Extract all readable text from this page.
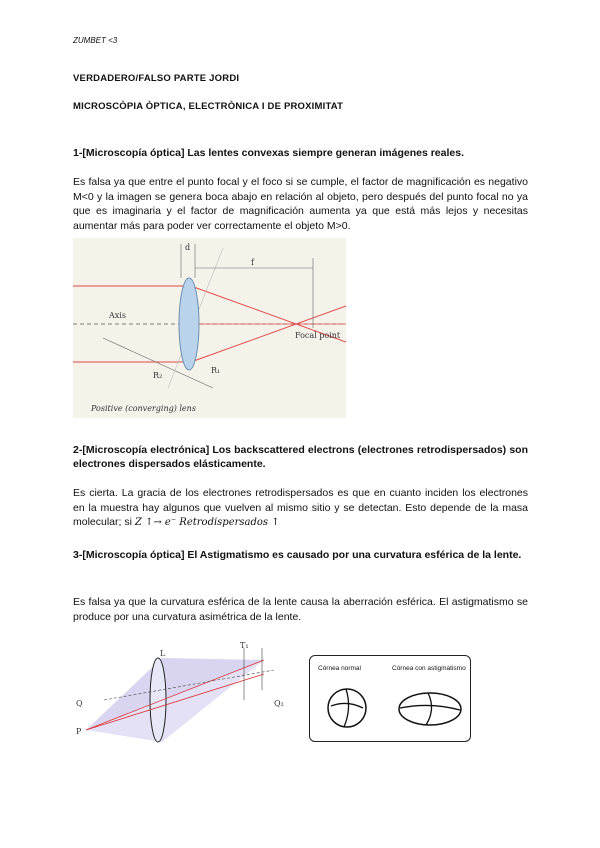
ZUMBET <3
VERDADERO/FALSO PARTE JORDI
MICROSCÒPIA ÒPTICA, ELECTRÒNICA I DE PROXIMITAT
1-[Microscopía óptica] Las lentes convexas siempre generan imágenes reales.
Es falsa ya que entre el punto focal y el foco si se cumple, el factor de magnificación es negativo M<0 y la imagen se genera boca abajo en relación al objeto, pero después del punto focal no ya que es imaginaria y el factor de magnificación aumenta ya que está más lejos y necesitas aumentar más para poder ver correctamente el objeto M>0.
d
f
Axis
Focal point
R₁
R₂
Positive (converging) lens
2-[Microscopía electrónica] Los backscattered electrons (electrones retrodispersados) son electrones dispersados elásticamente.
Es cierta. La gracia de los electrones retrodispersados es que en cuanto inciden los electrones en la muestra hay algunos que vuelven al mismo sitio y se detectan. Esto depende de la masa molecular; si Z ↑→ e⁻ Retrodispersados ↑
3-[Microscopía óptica] El Astigmatismo es causado por una curvatura esférica de la lente.
Es falsa ya que la curvatura esférica de la lente causa la aberración esférica. El astigmatismo se produce por una curvatura asimétrica de la lente.
L
Q
P
T₁
Q₂
Córnea normal	Córnea con astigmatismo
